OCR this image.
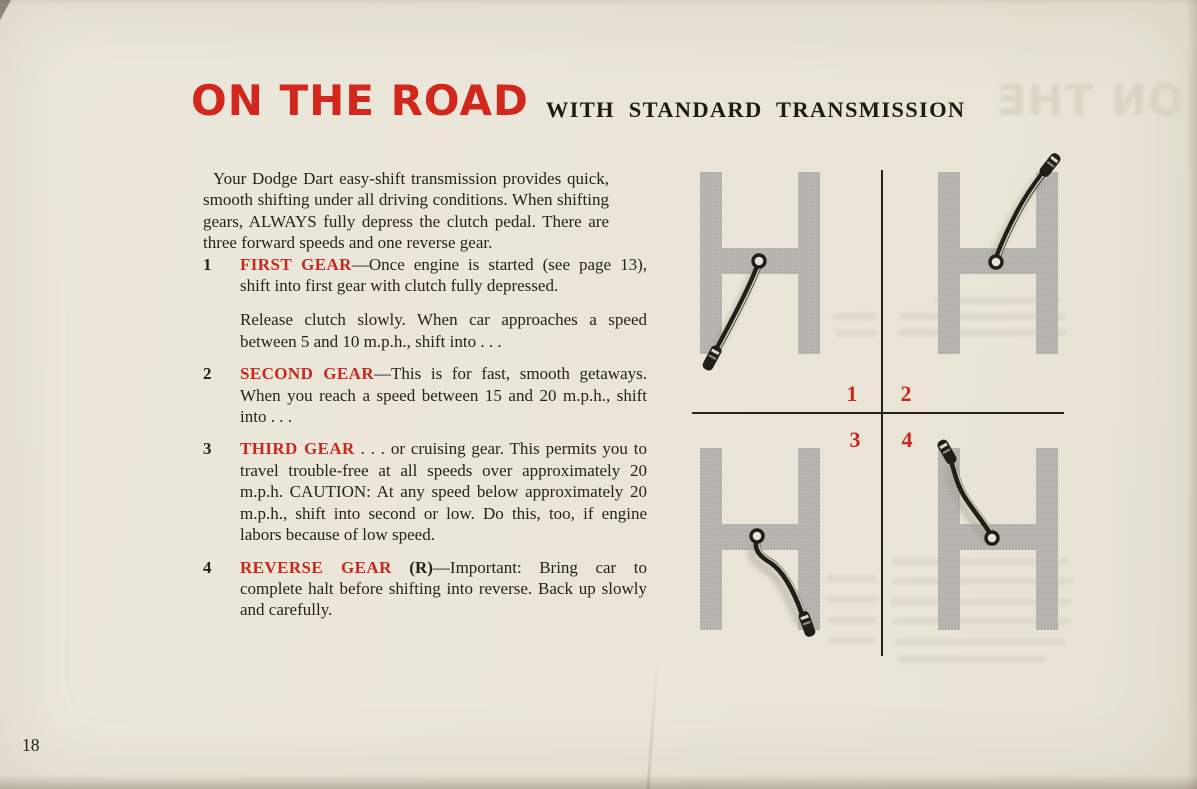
ON THE ROAD WITH STANDARD TRANSMISSION ON THE

Your Dodge Dart easy-shift transmission provides quick, smooth shifting under all driving conditions. When shifting gears, ALWAYS fully depress the clutch pedal. There are three forward speeds and one reverse gear.

1 FIRST GEAR—Once engine is started (see page 13), shift into first gear with clutch fully depressed.

Release clutch slowly. When car approaches a speed between 5 and 10 m.p.h., shift into . . .

2 SECOND GEAR—This is for fast, smooth getaways. When you reach a speed between 15 and 20 m.p.h., shift into . . .

3 THIRD GEAR . . . or cruising gear. This permits you to travel trouble-free at all speeds over approximately 20 m.p.h. CAUTION: At any speed below approximately 20 m.p.h., shift into second or low. Do this, too, if engine labors because of low speed.

4 REVERSE GEAR (R)—Important: Bring car to complete halt before shifting into reverse. Back up slowly and carefully.

1 2
3 4
18
